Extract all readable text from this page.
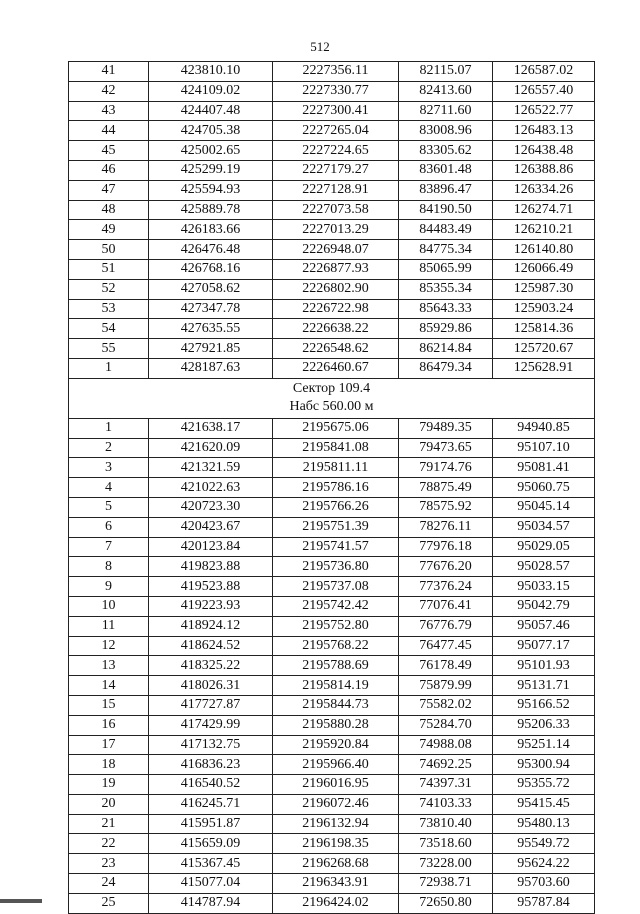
512
41	423810.10	2227356.11	82115.07	126587.02
42	424109.02	2227330.77	82413.60	126557.40
43	424407.48	2227300.41	82711.60	126522.77
44	424705.38	2227265.04	83008.96	126483.13
45	425002.65	2227224.65	83305.62	126438.48
46	425299.19	2227179.27	83601.48	126388.86
47	425594.93	2227128.91	83896.47	126334.26
48	425889.78	2227073.58	84190.50	126274.71
49	426183.66	2227013.29	84483.49	126210.21
50	426476.48	2226948.07	84775.34	126140.80
51	426768.16	2226877.93	85065.99	126066.49
52	427058.62	2226802.90	85355.34	125987.30
53	427347.78	2226722.98	85643.33	125903.24
54	427635.55	2226638.22	85929.86	125814.36
55	427921.85	2226548.62	86214.84	125720.67
1	428187.63	2226460.67	86479.34	125628.91

Сектор 109.4
Набс 560.00 м				

1	421638.17	2195675.06	79489.35	94940.85
2	421620.09	2195841.08	79473.65	95107.10
3	421321.59	2195811.11	79174.76	95081.41
4	421022.63	2195786.16	78875.49	95060.75
5	420723.30	2195766.26	78575.92	95045.14
6	420423.67	2195751.39	78276.11	95034.57
7	420123.84	2195741.57	77976.18	95029.05
8	419823.88	2195736.80	77676.20	95028.57
9	419523.88	2195737.08	77376.24	95033.15
10	419223.93	2195742.42	77076.41	95042.79
11	418924.12	2195752.80	76776.79	95057.46
12	418624.52	2195768.22	76477.45	95077.17
13	418325.22	2195788.69	76178.49	95101.93
14	418026.31	2195814.19	75879.99	95131.71
15	417727.87	2195844.73	75582.02	95166.52
16	417429.99	2195880.28	75284.70	95206.33
17	417132.75	2195920.84	74988.08	95251.14
18	416836.23	2195966.40	74692.25	95300.94
19	416540.52	2196016.95	74397.31	95355.72
20	416245.71	2196072.46	74103.33	95415.45
21	415951.87	2196132.94	73810.40	95480.13
22	415659.09	2196198.35	73518.60	95549.72
23	415367.45	2196268.68	73228.00	95624.22
24	415077.04	2196343.91	72938.71	95703.60
25	414787.94	2196424.02	72650.80	95787.84
